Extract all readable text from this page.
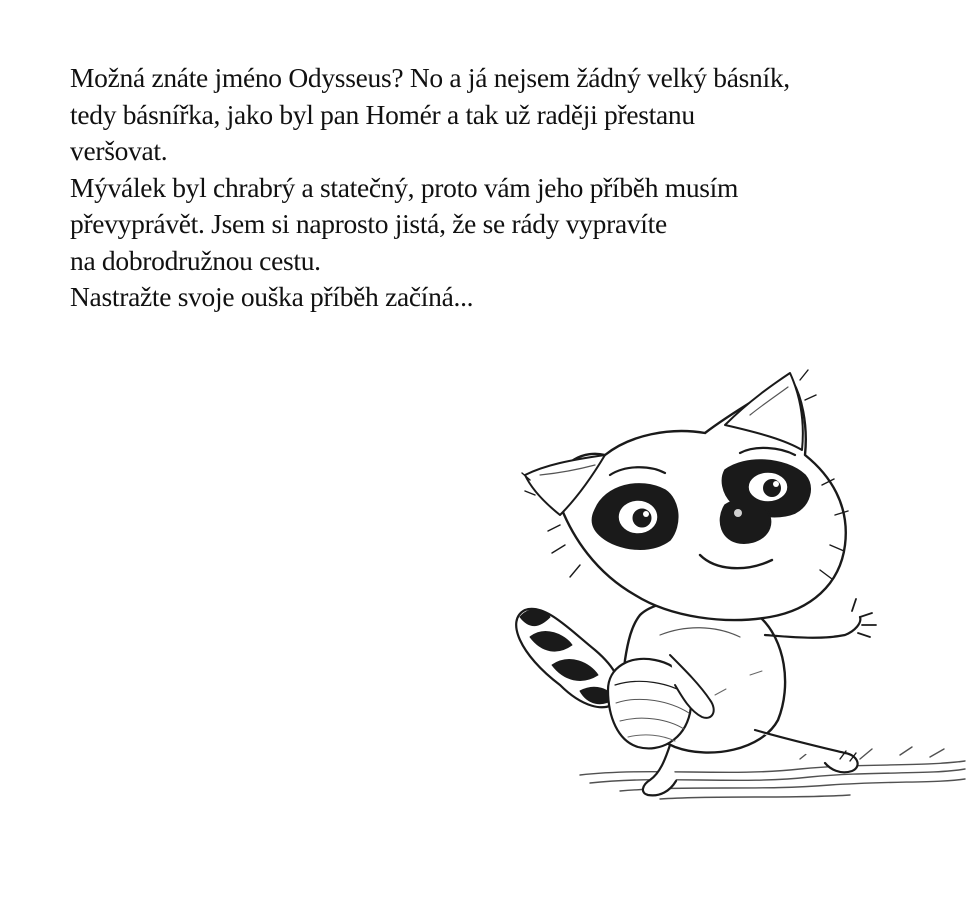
Možná znáte jméno Odysseus? No a já nejsem žádný velký básník,
tedy básnířka, jako byl pan Homér a tak už raději přestanu
veršovat.
Mýválek byl chrabrý a statečný, proto vám jeho příběh musím
převyprávět. Jsem si naprosto jistá, že se rády vypravíte
na dobrodružnou cestu.
Nastražte svoje ouška příběh začíná...
